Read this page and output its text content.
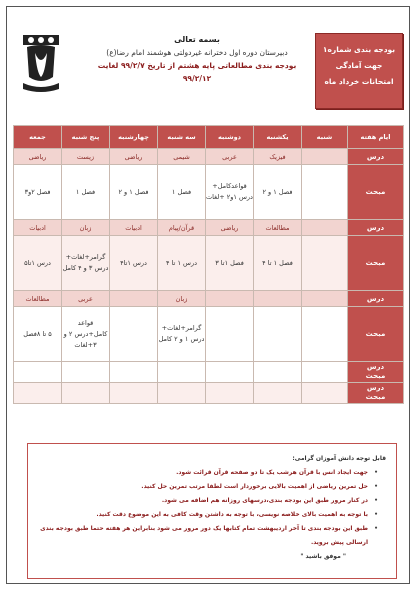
بسمه تعالی
دبیرستان دوره اول دخترانه غیردولتی هوشمند امام رضا(ع)
بودجه بندی مطالعاتی پایه هشتم از تاریخ ۹۹/۲/۷ لغایت
۹۹/۲/۱۲
بودجه بندی شماره۱
جهت آمادگی
امتحانات خرداد ماه
ایام هفته	شنبه	یکشنبه	دوشنبه	سه شنبه	چهارشنبه	پنج شنبه	جمعه
درس		فیزیک	عربی	شیمی	ریاضی	زیست	ریاضی
مبحث		فصل ۱ و ۲	قواعدکامل+ درس ۱و۲ +لغات	فصل ۱	فصل ۱ و ۲	فصل ۱	فصل ۲و۳
درس		مطالعات	ریاضی	قرآن/پیام	ادبیات	زبان	ادبیات
مبحث		فصل ۱ تا ۴	فصل ۱تا ۳	درس ۱ تا ۴	درس ۱تا۴	گرامر+لغات+ درس ۳ و ۴ کامل	درس ۱تا۵
درس				زبان		عربی	مطالعات
مبحث				گرامر+لغات+ درس ۱ و ۲ کامل		قواعد کامل+درس ۲ و ۳+لغات	۵ تا ۸فصل
درس
مبحث							
درس
مبحث							
قابل توجه دانش آموزان گرامی:
•
جهت ایجاد انس با قرآن هرشب یک تا دو صفحه قرآن قرائت شود.
•
حل تمرین ریاضی از اهمیت بالایی برخوردار است لطفا مرتب تمرین حل کنید.
•
در کنار مرور طبق این بودجه بندی،درسهای روزانه هم اضافه می شود.
•
با توجه به اهمیت بالای خلاصه نویسی، با توجه به داشتن وقت کافی به این موضوع دقت کنید.
•
طبق این بودجه بندی تا آخر اردیبهشت تمام کتابها یک دور مرور می شود بنابراین هر هفته حتما طبق بودجه بندی ارسالی پیش بروید.
" موفق باشید "
